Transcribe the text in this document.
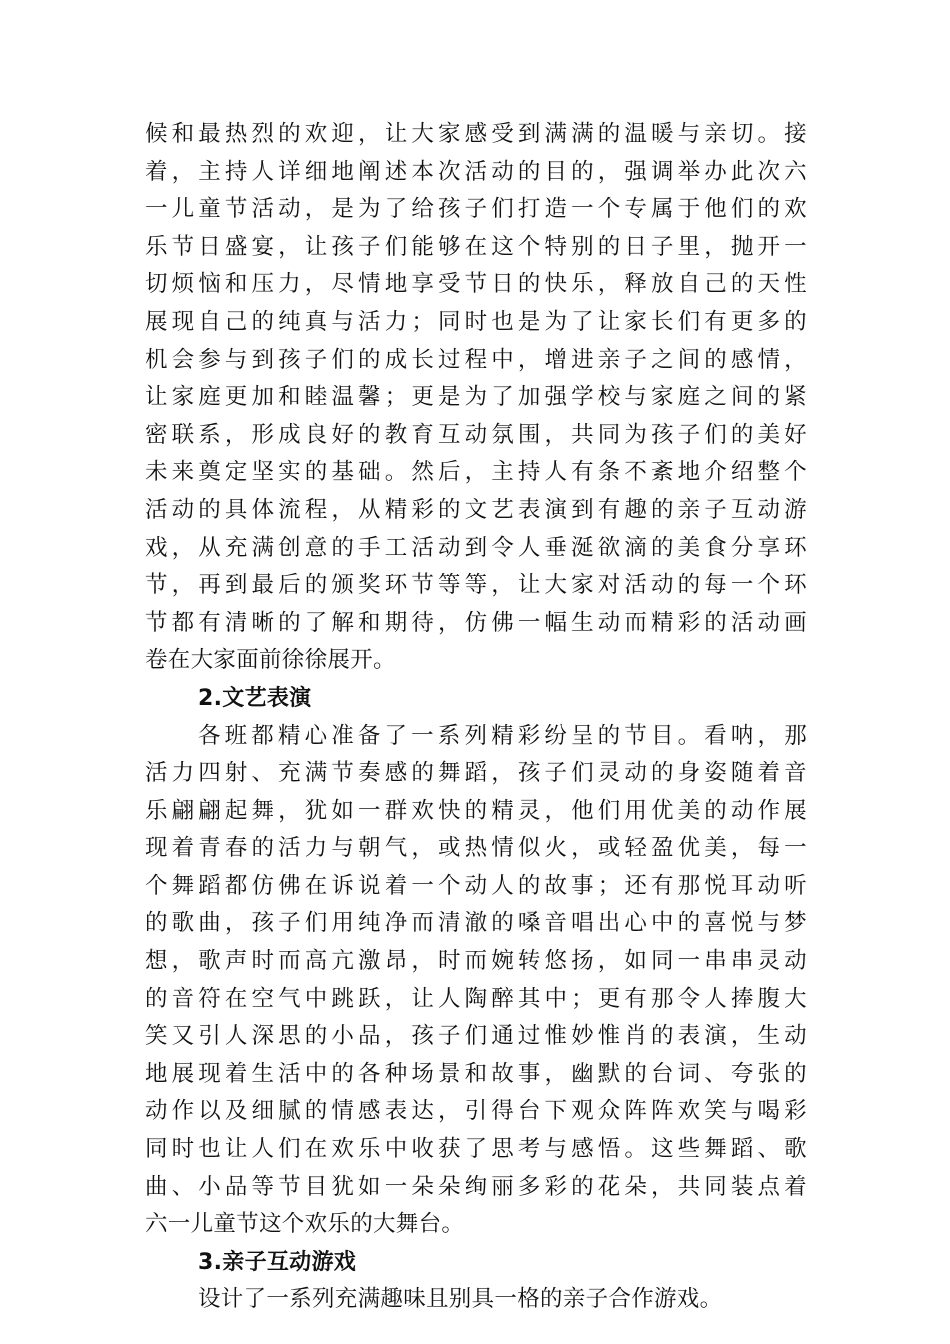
候和最热烈的欢迎，让大家感受到满满的温暖与亲切。接
着，主持人详细地阐述本次活动的目的，强调举办此次六
一儿童节活动，是为了给孩子们打造一个专属于他们的欢
乐节日盛宴，让孩子们能够在这个特别的日子里，抛开一
切烦恼和压力，尽情地享受节日的快乐，释放自己的天性
展现自己的纯真与活力；同时也是为了让家长们有更多的
机会参与到孩子们的成长过程中，增进亲子之间的感情，
让家庭更加和睦温馨；更是为了加强学校与家庭之间的紧
密联系，形成良好的教育互动氛围，共同为孩子们的美好
未来奠定坚实的基础。然后，主持人有条不紊地介绍整个
活动的具体流程，从精彩的文艺表演到有趣的亲子互动游
戏，从充满创意的手工活动到令人垂涎欲滴的美食分享环
节，再到最后的颁奖环节等等，让大家对活动的每一个环
节都有清晰的了解和期待，仿佛一幅生动而精彩的活动画
卷在大家面前徐徐展开。
2.文艺表演
各班都精心准备了一系列精彩纷呈的节目。看呐，那
活力四射、充满节奏感的舞蹈，孩子们灵动的身姿随着音
乐翩翩起舞，犹如一群欢快的精灵，他们用优美的动作展
现着青春的活力与朝气，或热情似火，或轻盈优美，每一
个舞蹈都仿佛在诉说着一个动人的故事；还有那悦耳动听
的歌曲，孩子们用纯净而清澈的嗓音唱出心中的喜悦与梦
想，歌声时而高亢激昂，时而婉转悠扬，如同一串串灵动
的音符在空气中跳跃，让人陶醉其中；更有那令人捧腹大
笑又引人深思的小品，孩子们通过惟妙惟肖的表演，生动
地展现着生活中的各种场景和故事，幽默的台词、夸张的
动作以及细腻的情感表达，引得台下观众阵阵欢笑与喝彩
同时也让人们在欢乐中收获了思考与感悟。这些舞蹈、歌
曲、小品等节目犹如一朵朵绚丽多彩的花朵，共同装点着
六一儿童节这个欢乐的大舞台。
3.亲子互动游戏
设计了一系列充满趣味且别具一格的亲子合作游戏。
